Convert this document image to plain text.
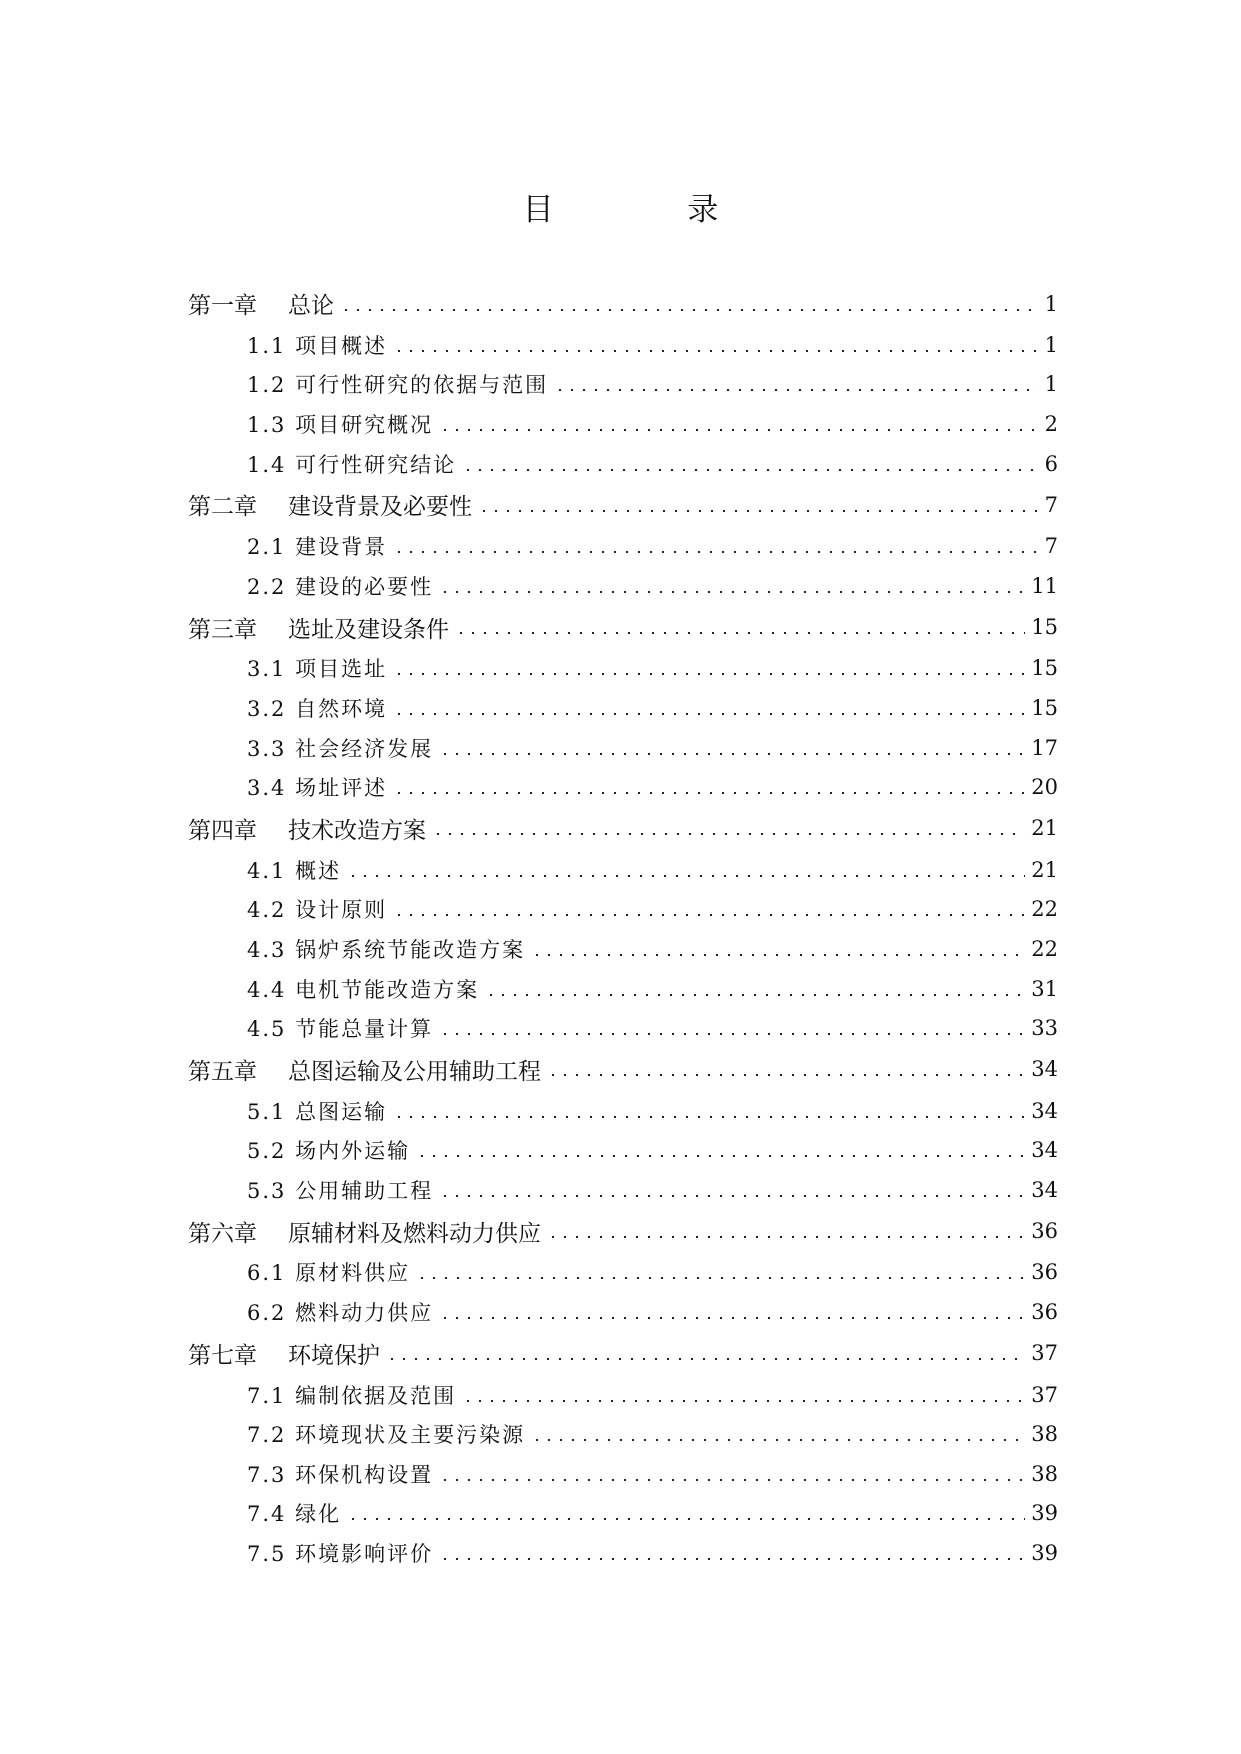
目 录
第一章 总论	1
1.1 项目概述	1
1.2 可行性研究的依据与范围	1
1.3 项目研究概况	2
1.4 可行性研究结论	6
第二章 建设背景及必要性	7
2.1 建设背景	7
2.2 建设的必要性	11
第三章 选址及建设条件	15
3.1 项目选址	15
3.2 自然环境	15
3.3 社会经济发展	17
3.4 场址评述	20
第四章 技术改造方案	21
4.1 概述	21
4.2 设计原则	22
4.3 锅炉系统节能改造方案	22
4.4 电机节能改造方案	31
4.5 节能总量计算	33
第五章 总图运输及公用辅助工程	34
5.1 总图运输	34
5.2 场内外运输	34
5.3 公用辅助工程	34
第六章 原辅材料及燃料动力供应	36
6.1 原材料供应	36
6.2 燃料动力供应	36
第七章 环境保护	37
7.1 编制依据及范围	37
7.2 环境现状及主要污染源	38
7.3 环保机构设置	38
7.4 绿化	39
7.5 环境影响评价	39
